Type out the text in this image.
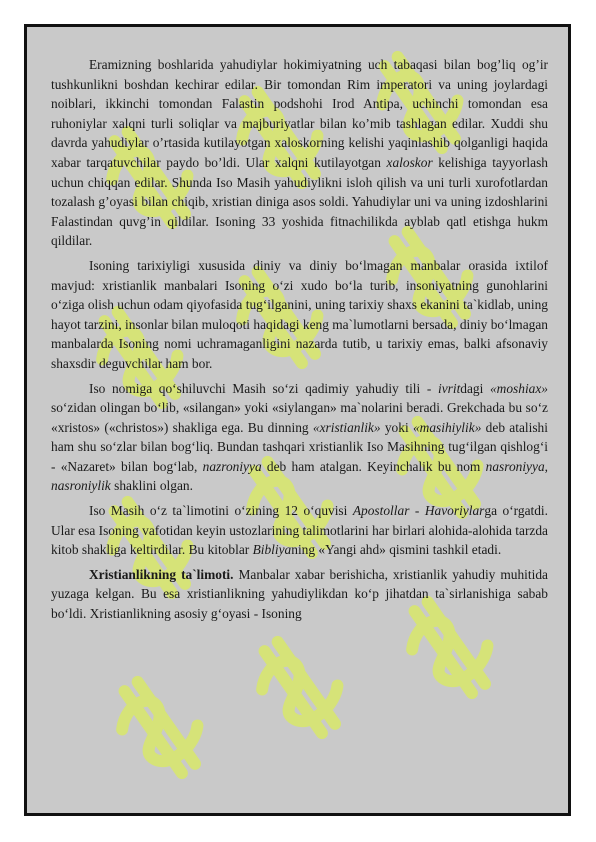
Eramizning boshlarida yahudiylar hokimiyatning uch tabaqasi bilan bog’liq og’ir tushkunlikni boshdan kechirar edilar. Bir tomondan Rim imperatori va uning joylardagi noiblari, ikkinchi tomondan Falastin podshohi Irod Antipa, uchinchi tomondan esa ruhoniylar xalqni turli soliqlar va majburiyatlar bilan ko’mib tashlagan edilar. Xuddi shu davrda yahudiylar o’rtasida kutilayotgan xaloskorning kelishi yaqinlashib qolganligi haqida xabar tarqatuvchilar paydo bo’ldi. Ular xalqni kutilayotgan xaloskor kelishiga tayyorlash uchun chiqqan edilar. Shunda Iso Masih yahudiylikni isloh qilish va uni turli xurofotlardan tozalash g’oyasi bilan chiqib, xristian diniga asos soldi. Yahudiylar uni va uning izdoshlarini Falastindan quvg’in qildilar. Isoning 33 yoshida fitnachilikda ayblab qatl etishga hukm qildilar.

Isoning tarixiyligi xususida diniy va diniy bo‘lmagan manbalar orasida ixtilof mavjud: xristianlik manbalari Isoning o‘zi xudo bo‘la turib, insoniyatning gunohlarini o‘ziga olish uchun odam qiyofasida tug‘ilganini, uning tarixiy shaxs ekanini ta`kidlab, uning hayot tarzini, insonlar bilan muloqoti haqidagi keng ma`lumotlarni bersada, diniy bo‘lmagan manbalarda Isoning nomi uchramaganligini nazarda tutib, u tarixiy emas, balki afsonaviy shaxsdir deguvchilar ham bor.

Iso nomiga qo‘shiluvchi Masih so‘zi qadimiy yahudiy tili - ivritdagi «moshiax» so‘zidan olingan bo‘lib, «silangan» yoki «siylangan» ma`nolarini beradi. Grekchada bu so‘z «xristos» («christos») shakliga ega. Bu dinning «xristianlik» yoki «masihiylik» deb atalishi ham shu so‘zlar bilan bog‘liq. Bundan tashqari xristianlik Iso Masihning tug‘ilgan qishlog‘i - «Nazaret» bilan bog‘lab, nazroniyya deb ham atalgan. Keyinchalik bu nom nasroniyya, nasroniylik shaklini olgan.

Iso Masih o‘z ta`limotini o‘zining 12 o‘quvisi Apostollar - Havoriylarga o‘rgatdi. Ular esa Isoning vafotidan keyin ustozlarining talimotlarini har birlari alohida-alohida tarzda kitob shakliga keltirdilar. Bu kitoblar Bibliyaning «Yangi ahd» qismini tashkil etadi.

Xristianlikning ta`limoti. Manbalar xabar berishicha, xristianlik yahudiy muhitida yuzaga kelgan. Bu esa xristianlikning yahudiylikdan ko‘p jihatdan ta`sirlanishiga sabab bo‘ldi. Xristianlikning asosiy g‘oyasi - Isoning
